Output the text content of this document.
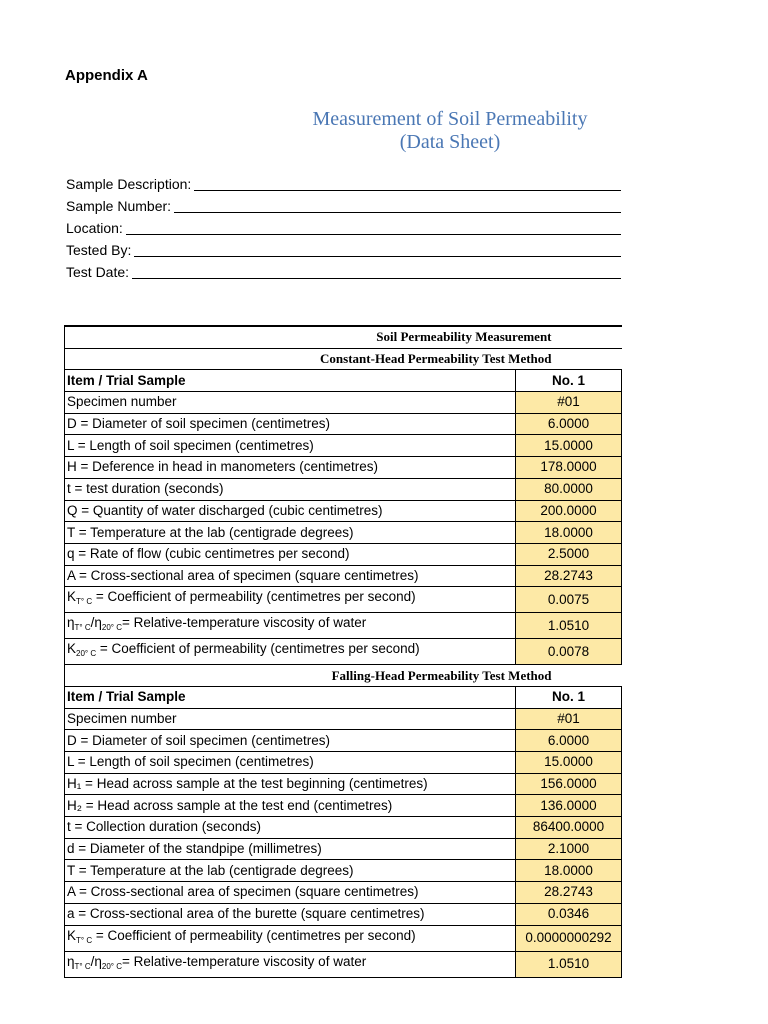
Appendix A
Measurement of Soil Permeability
(Data Sheet)
Sample Description:
Sample Number:
Location:
Tested By:
Test Date:
Soil Permeability Measurement	
Constant-Head Permeability Test Method	
Item / Trial Sample	No. 1
Specimen number	#01
D = Diameter of soil specimen (centimetres)	6.0000
L = Length of soil specimen (centimetres)	15.0000
H = Deference in head in manometers (centimetres)	178.0000
t = test duration (seconds)	80.0000
Q = Quantity of water discharged (cubic centimetres)	200.0000
T = Temperature at the lab (centigrade degrees)	18.0000
q = Rate of flow (cubic centimetres per second)	2.5000
A = Cross-sectional area of specimen (square centimetres)	28.2743
$K_{T^\circ C}$ = Coefficient of permeability (centimetres per second)	0.0075
$\eta_{T^\circ C}/\eta_{20^\circ C}=$ Relative-temperature viscosity of water	1.0510
$K_{20^\circ C}$ = Coefficient of permeability (centimetres per second)	0.0078
Falling-Head Permeability Test Method	
Item / Trial Sample	No. 1
Specimen number	#01
D = Diameter of soil specimen (centimetres)	6.0000
L = Length of soil specimen (centimetres)	15.0000
H₁ = Head across sample at the test beginning (centimetres)	156.0000
H₂ = Head across sample at the test end (centimetres)	136.0000
t = Collection duration (seconds)	86400.0000
d = Diameter of the standpipe (millimetres)	2.1000
T = Temperature at the lab (centigrade degrees)	18.0000
A = Cross-sectional area of specimen (square centimetres)	28.2743
a = Cross-sectional area of the burette (square centimetres)	0.0346
$K_{T^\circ C}$ = Coefficient of permeability (centimetres per second)	0.0000000292
$\eta_{T^\circ C}/\eta_{20^\circ C}=$ Relative-temperature viscosity of water	1.0510
